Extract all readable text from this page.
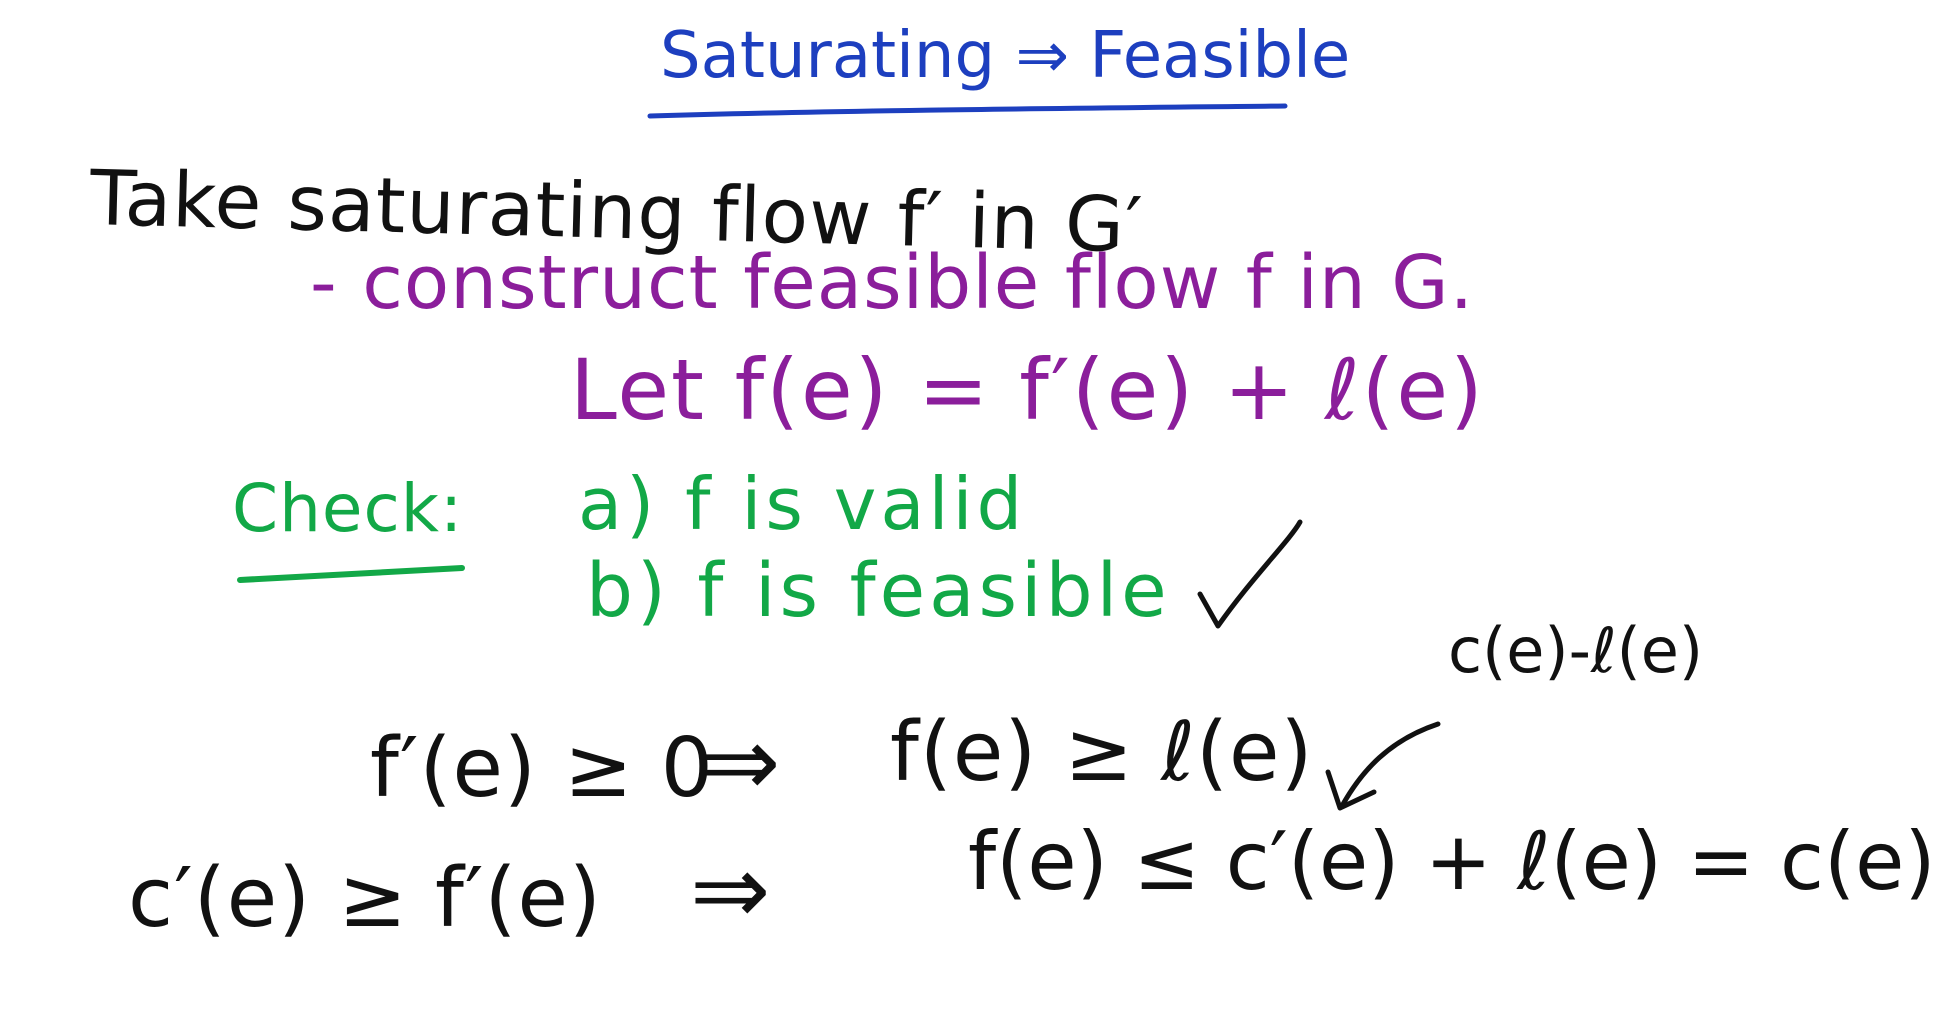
Saturating ⇒ Feasible
Take saturating flow f′ in G′
- construct feasible flow f in G.
Let f(e) = f′(e) + ℓ(e)
Check: a) f is valid
b) f is feasible
c(e)-ℓ(e)
f′(e) ≥ 0
⇒ f(e) ≥ ℓ(e)
c′(e) ≥ f′(e) ⇒ f(e) ≤ c′(e) + ℓ(e) = c(e)
